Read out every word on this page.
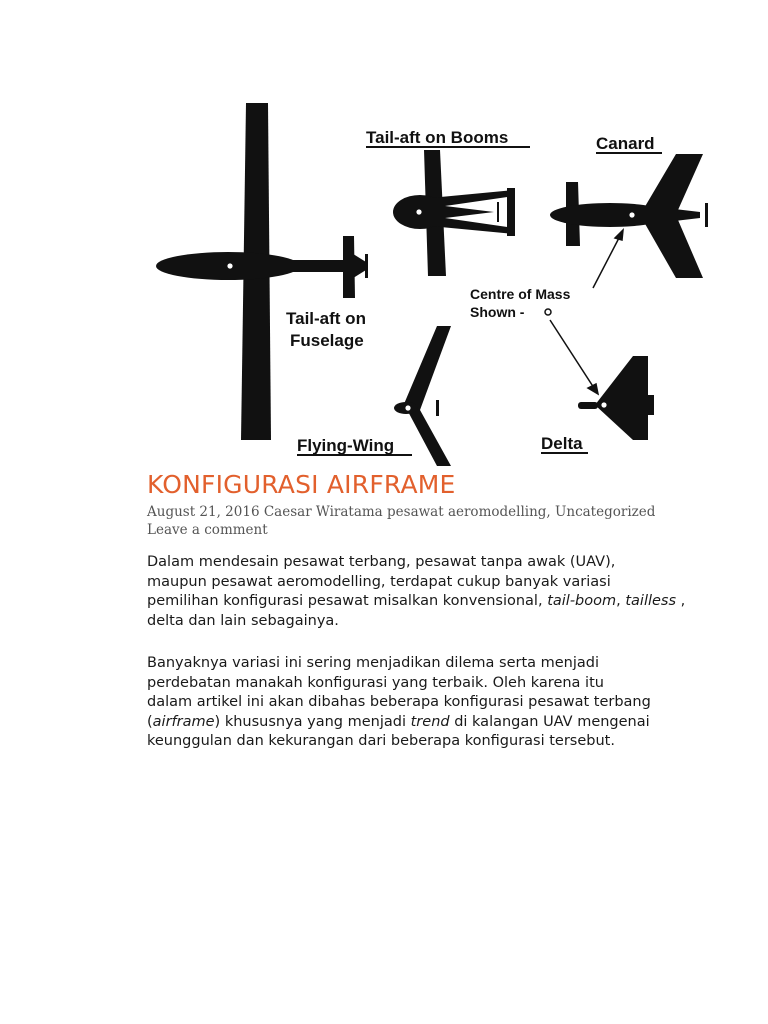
Tail-aft on Booms	Canard
Tail-aft on
Fuselage
Centre of Mass
Shown -
Flying-Wing	Delta
KONFIGURASI AIRFRAME
August 21, 2016 Caesar Wiratama pesawat aeromodelling, Uncategorized Leave a comment

Dalam mendesain pesawat terbang, pesawat tanpa awak (UAV),
maupun pesawat aeromodelling, terdapat cukup banyak variasi
pemilihan konfigurasi pesawat misalkan konvensional, tail-boom, tailless , delta dan lain sebagainya.

Banyaknya variasi ini sering menjadikan dilema serta menjadi
perdebatan manakah konfigurasi yang terbaik. Oleh karena itu
dalam artikel ini akan dibahas beberapa konfigurasi pesawat terbang
(airframe) khususnya yang menjadi trend di kalangan UAV mengenai
keunggulan dan kekurangan dari beberapa konfigurasi tersebut.
